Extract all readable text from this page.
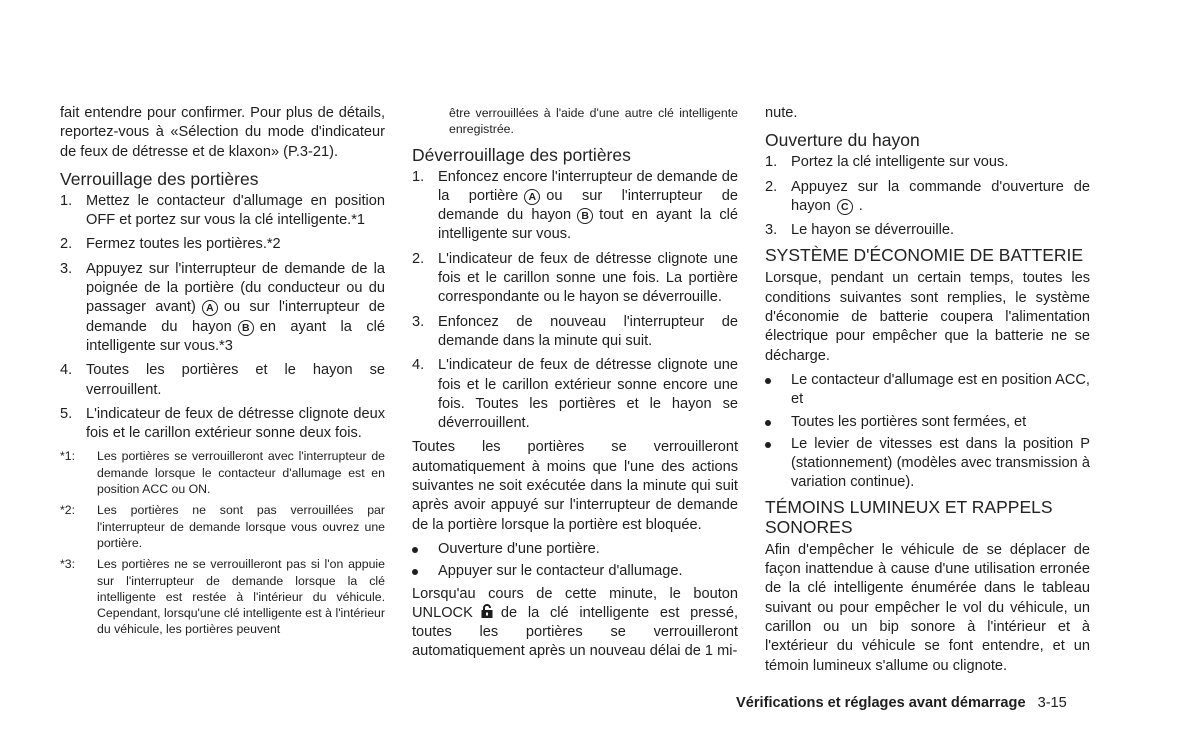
fait entendre pour confirmer. Pour plus de détails, reportez-vous à «Sélection du mode d'indicateur de feux de détresse et de klaxon» (P.3-21).

Verrouillage des portières
1. Mettez le contacteur d'allumage en position OFF et portez sur vous la clé intelligente.*1
2. Fermez toutes les portières.*2
3. Appuyez sur l'interrupteur de demande de la poignée de la portière (du conducteur ou du passager avant) A ou sur l'interrupteur de demande du hayon B en ayant la clé intelligente sur vous.*3
4. Toutes les portières et le hayon se verrouillent.
5. L'indicateur de feux de détresse clignote deux fois et le carillon extérieur sonne deux fois.
*1: Les portières se verrouilleront avec l'interrupteur de demande lorsque le contacteur d'allumage est en position ACC ou ON.
*2: Les portières ne sont pas verrouillées par l'interrupteur de demande lorsque vous ouvrez une portière.
*3: Les portières ne se verrouilleront pas si l'on appuie sur l'interrupteur de demande lorsque la clé intelligente est restée à l'intérieur du véhicule. Cependant, lorsqu'une clé intelligente est à l'intérieur du véhicule, les portières peuvent

être verrouillées à l'aide d'une autre clé intelligente enregistrée.

Déverrouillage des portières
1. Enfoncez encore l'interrupteur de demande de la portière A ou sur l'interrupteur de demande du hayon B tout en ayant la clé intelligente sur vous.
2. L'indicateur de feux de détresse clignote une fois et le carillon sonne une fois. La portière correspondante ou le hayon se déverrouille.
3. Enfoncez de nouveau l'interrupteur de demande dans la minute qui suit.
4. L'indicateur de feux de détresse clignote une fois et le carillon extérieur sonne encore une fois. Toutes les portières et le hayon se déverrouillent.

Toutes les portières se verrouilleront automatiquement à moins que l'une des actions suivantes ne soit exécutée dans la minute qui suit après avoir appuyé sur l'interrupteur de demande de la portière lorsque la portière est bloquée.

Ouverture d'une portière.
Appuyer sur le contacteur d'allumage.

Lorsqu'au cours de cette minute, le bouton UNLOCK de la clé intelligente est pressé, toutes les portières se verrouilleront automatiquement après un nouveau délai de 1 mi-

nute.

Ouverture du hayon
1. Portez la clé intelligente sur vous.
2. Appuyez sur la commande d'ouverture de hayon C .
3. Le hayon se déverrouille.
SYSTÈME D'ÉCONOMIE DE BATTERIE

Lorsque, pendant un certain temps, toutes les conditions suivantes sont remplies, le système d'économie de batterie coupera l'alimentation électrique pour empêcher que la batterie ne se décharge.

Le contacteur d'allumage est en position ACC, et
Toutes les portières sont fermées, et
Le levier de vitesses est dans la position P (stationnement) (modèles avec transmission à variation continue).
TÉMOINS LUMINEUX ET RAPPELS SONORES

Afin d'empêcher le véhicule de se déplacer de façon inattendue à cause d'une utilisation erronée de la clé intelligente énumérée dans le tableau suivant ou pour empêcher le vol du véhicule, un carillon ou un bip sonore à l'intérieur et à l'extérieur du véhicule se font entendre, et un témoin lumineux s'allume ou clignote.

Vérifications et réglages avant démarrage 3-15
